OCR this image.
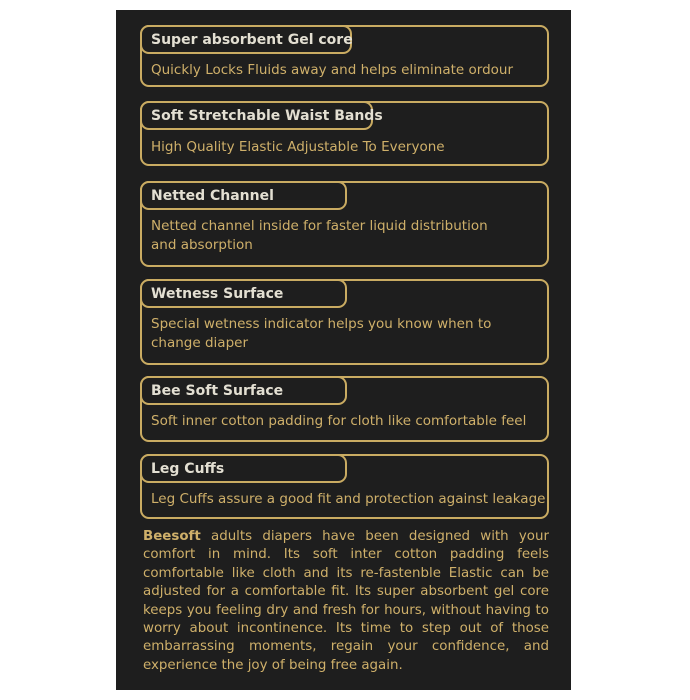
Super absorbent Gel core
Quickly Locks Fluids away and helps eliminate ordour
Soft Stretchable Waist Bands
High Quality Elastic Adjustable To Everyone
Netted Channel
Netted channel inside for faster liquid distribution and absorption
Wetness Surface
Special wetness indicator helps you know when to change diaper
Bee Soft Surface
Soft inner cotton padding for cloth like comfortable feel
Leg Cuffs
Leg Cuffs assure a good fit and protection against leakage
Beesoft adults diapers have been designed with your comfort in mind. Its soft inter cotton padding feels comfortable like cloth and its re-fastenble Elastic can be adjusted for a comfortable fit. Its super absorbent gel core keeps you feeling dry and fresh for hours, without having to worry about incontinence. Its time to step out of those embarrassing moments, regain your confidence, and experience the joy of being free again.
